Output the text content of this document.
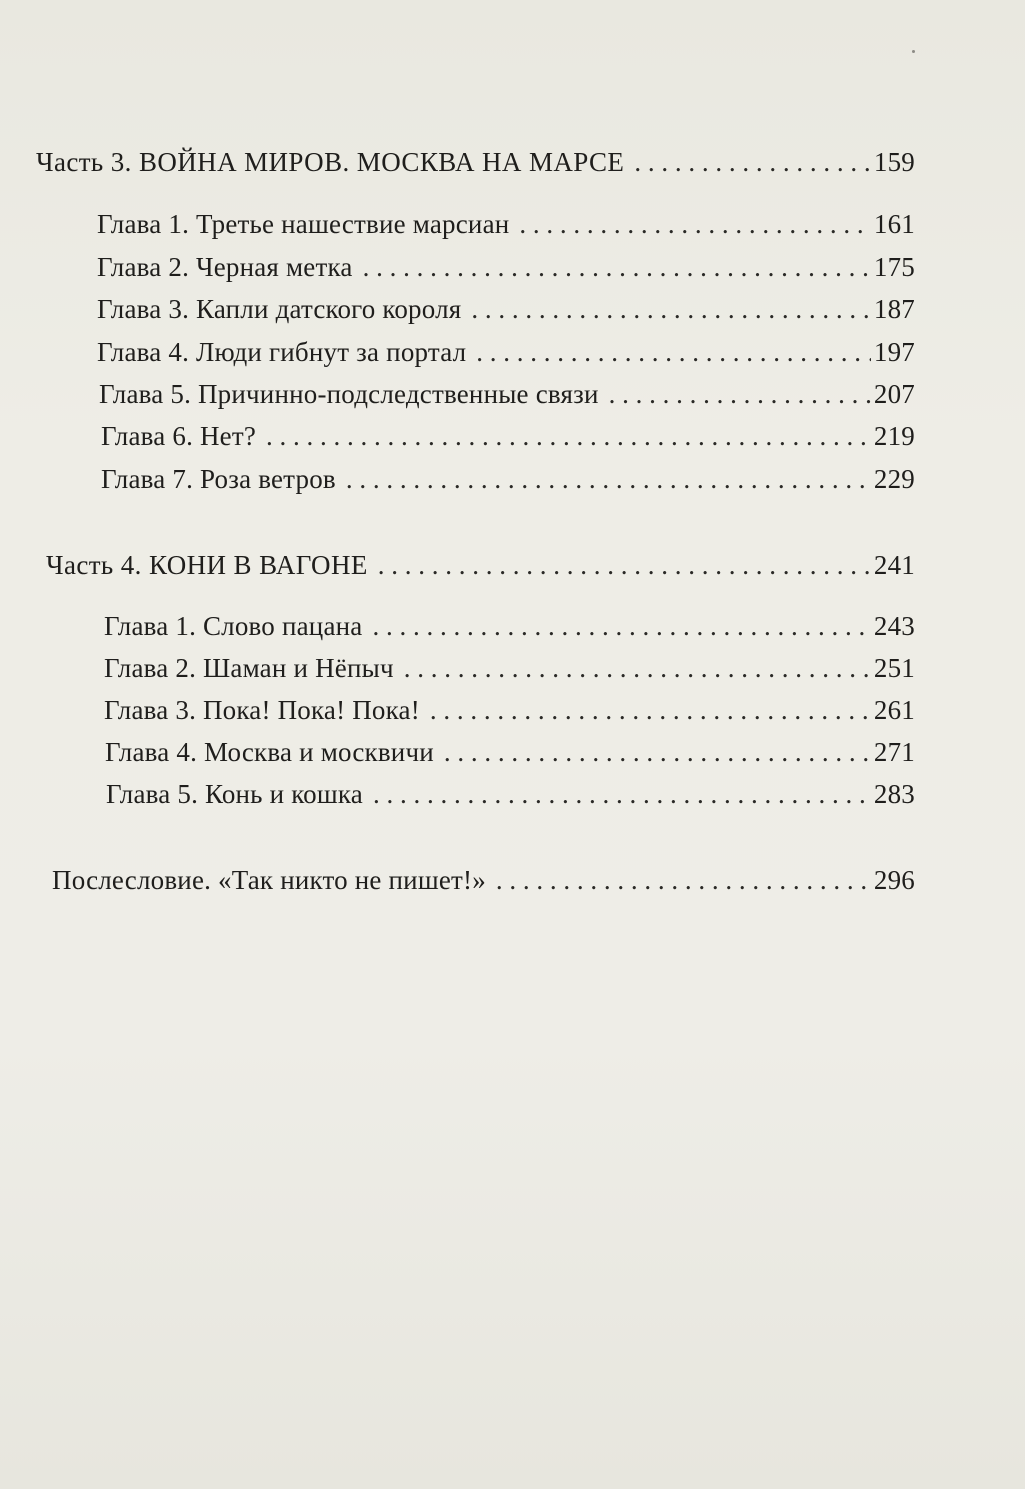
Часть 3. ВОЙНА МИРОВ. МОСКВА НА МАРСЕ . . .	159
Глава 1. Третье нашествие марсиан . . .	161
Глава 2. Черная метка . . .	175
Глава 3. Капли датского короля . . .	187
Глава 4. Люди гибнут за портал . . .	197
Глава 5. Причинно-подследственные связи . . .	207
Глава 6. Нет? . . .	219
Глава 7. Роза ветров . . .	229
Часть 4. КОНИ В ВАГОНЕ . . .	241
Глава 1. Слово пацана . . .	243
Глава 2. Шаман и Нёпыч . . .	251
Глава 3. Пока! Пока! Пока! . . .	261
Глава 4. Москва и москвичи . . .	271
Глава 5. Конь и кошка . . .	283
Послесловие. «Так никто не пишет!» . . .	296
